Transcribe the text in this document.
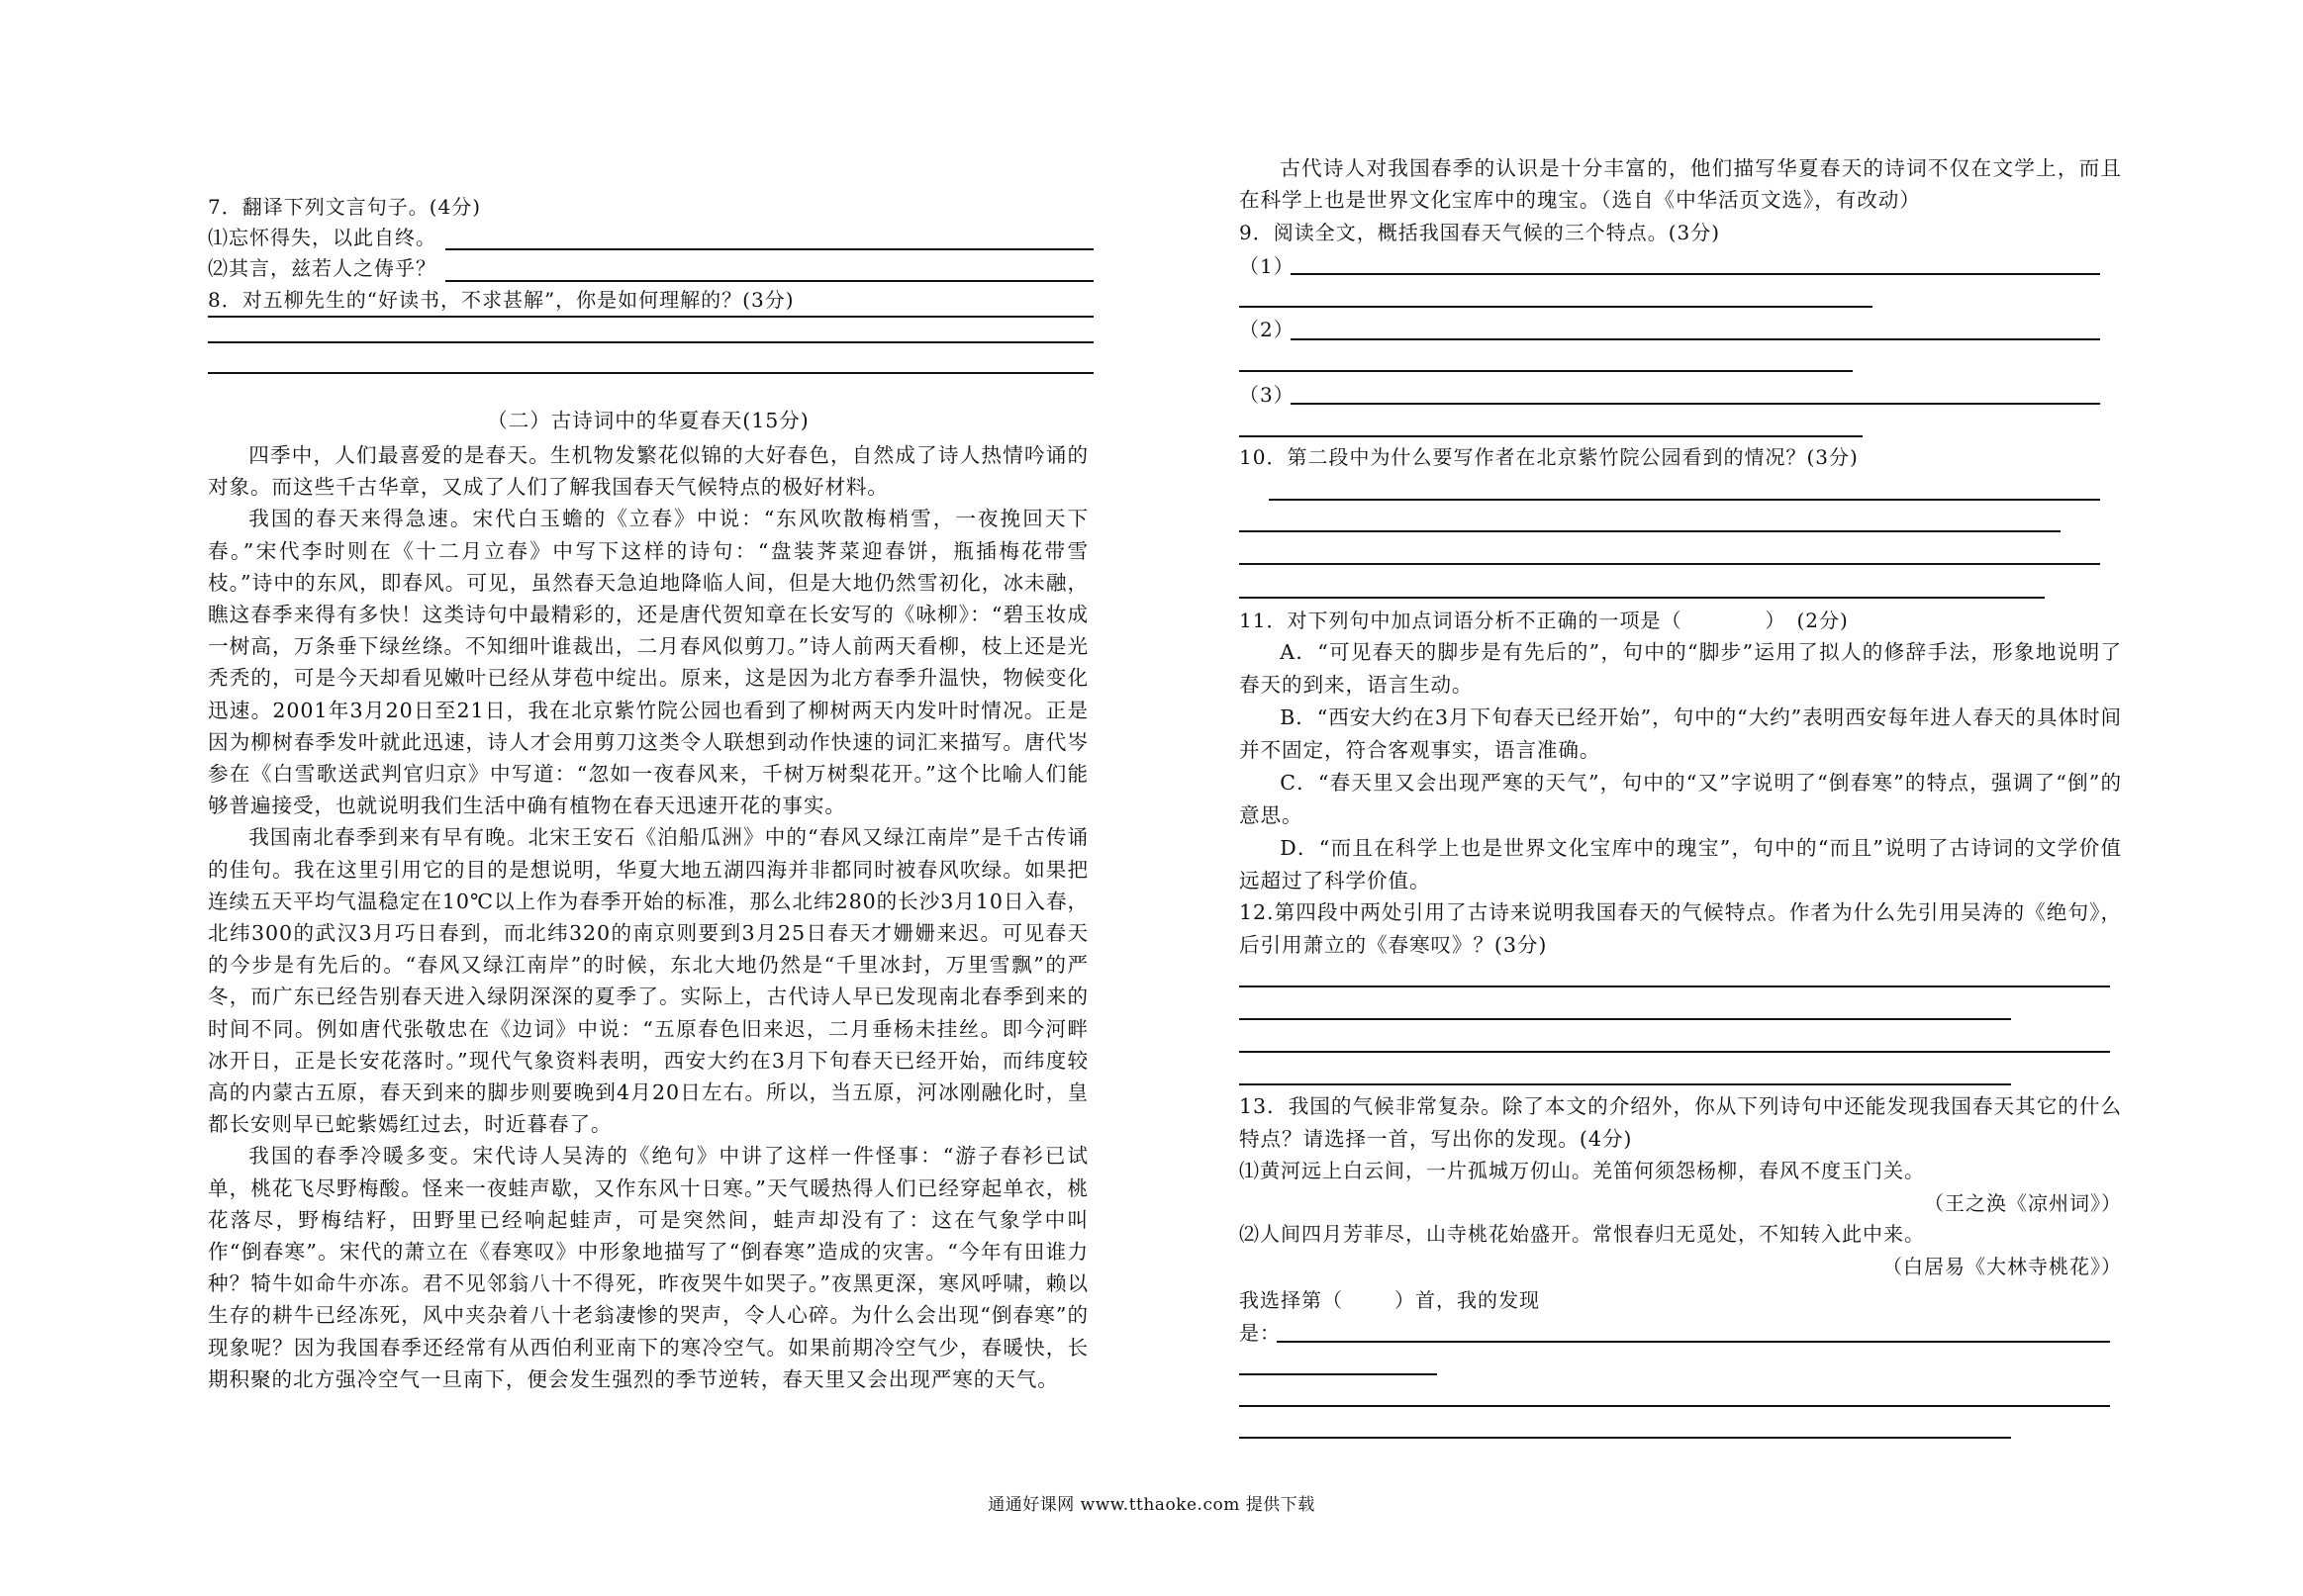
7．翻译下列文言句子。(4分)
⑴忘怀得失，以此自终。
⑵其言，兹若人之俦乎？
8．对五柳先生的“好读书，不求甚解”，你是如何理解的？(3分)
（二）古诗词中的华夏春天(15分)

四季中，人们最喜爱的是春天。生机物发繁花似锦的大好春色，自然成了诗人热情吟诵的对象。而这些千古华章，又成了人们了解我国春天气候特点的极好材料。

我国的春天来得急速。宋代白玉蟾的《立春》中说：“东风吹散梅梢雪，一夜挽回天下春。”宋代李时则在《十二月立春》中写下这样的诗句：“盘装荠菜迎春饼，瓶插梅花带雪枝。”诗中的东风，即春风。可见，虽然春天急迫地降临人间，但是大地仍然雪初化，冰未融，瞧这春季来得有多快！这类诗句中最精彩的，还是唐代贺知章在长安写的《咏柳》：“碧玉妆成一树高，万条垂下绿丝绦。不知细叶谁裁出，二月春风似剪刀。”诗人前两天看柳，枝上还是光秃秃的，可是今天却看见嫩叶已经从芽苞中绽出。原来，这是因为北方春季升温快，物候变化迅速。2001年3月20日至21日，我在北京紫竹院公园也看到了柳树两天内发叶时情况。正是因为柳树春季发叶就此迅速，诗人才会用剪刀这类令人联想到动作快速的词汇来描写。唐代岑参在《白雪歌送武判官归京》中写道：“忽如一夜春风来，千树万树梨花开。”这个比喻人们能够普遍接受，也就说明我们生活中确有植物在春天迅速开花的事实。

我国南北春季到来有早有晚。北宋王安石《泊船瓜洲》中的“春风又绿江南岸”是千古传诵的佳句。我在这里引用它的目的是想说明，华夏大地五湖四海并非都同时被春风吹绿。如果把连续五天平均气温稳定在10℃以上作为春季开始的标准，那么北纬280的长沙3月10日入春，北纬300的武汉3月巧日春到，而北纬320的南京则要到3月25日春天才姗姗来迟。可见春天的今步是有先后的。“春风又绿江南岸”的时候，东北大地仍然是“千里冰封，万里雪飘”的严冬，而广东已经告别春天进入绿阴深深的夏季了。实际上，古代诗人早已发现南北春季到来的时间不同。例如唐代张敬忠在《边词》中说：“五原春色旧来迟，二月垂杨未挂丝。即今河畔冰开日，正是长安花落时。”现代气象资料表明，西安大约在3月下旬春天已经开始，而纬度较高的内蒙古五原，春天到来的脚步则要晚到4月20日左右。所以，当五原，河冰刚融化时，皇都长安则早已蛇紫嫣红过去，时近暮春了。

我国的春季冷暖多变。宋代诗人吴涛的《绝句》中讲了这样一件怪事：“游子春衫已试单，桃花飞尽野梅酸。怪来一夜蛙声歇，又作东风十日寒。”天气暖热得人们已经穿起单衣，桃花落尽，野梅结籽，田野里已经响起蛙声，可是突然间，蛙声却没有了：这在气象学中叫作“倒春寒”。宋代的萧立在《春寒叹》中形象地描写了“倒春寒”造成的灾害。“今年有田谁力种？犄牛如命牛亦冻。君不见邻翁八十不得死，昨夜哭牛如哭子。”夜黑更深，寒风呼啸，赖以生存的耕牛已经冻死，风中夹杂着八十老翁凄惨的哭声，令人心碎。为什么会出现“倒春寒”的现象呢？因为我国春季还经常有从西伯利亚南下的寒冷空气。如果前期冷空气少，春暖快，长期积聚的北方强冷空气一旦南下，便会发生强烈的季节逆转，春天里又会出现严寒的天气。

古代诗人对我国春季的认识是十分丰富的，他们描写华夏春天的诗词不仅在文学上，而且在科学上也是世界文化宝库中的瑰宝。（选自《中华活页文选》，有改动）

9．阅读全文，概括我国春天气候的三个特点。(3分)
（1）
（2）
（3）
10．第二段中为什么要写作者在北京紫竹院公园看到的情况？(3分)
11．对下列句中加点词语分析不正确的一项是（　　　　）　(2分)

A．“可见春天的脚步是有先后的”，句中的“脚步”运用了拟人的修辞手法，形象地说明了春天的到来，语言生动。

B．“西安大约在3月下旬春天已经开始”，句中的“大约”表明西安每年进人春天的具体时间并不固定，符合客观事实，语言准确。

C．“春天里又会出现严寒的天气”，句中的“又”字说明了“倒春寒”的特点，强调了“倒”的意思。

D．“而且在科学上也是世界文化宝库中的瑰宝”，句中的“而且”说明了古诗词的文学价值远超过了科学价值。

12.第四段中两处引用了古诗来说明我国春天的气候特点。作者为什么先引用吴涛的《绝句》，后引用萧立的《春寒叹》？(3分)

13．我国的气候非常复杂。除了本文的介绍外，你从下列诗句中还能发现我国春天其它的什么特点？请选择一首，写出你的发现。(4分)

⑴黄河远上白云间，一片孤城万仞山。羌笛何须怨杨柳，春风不度玉门关。
（王之涣《凉州词》）
⑵人间四月芳菲尽，山寺桃花始盛开。常恨春归无觅处，不知转入此中来。
（白居易《大林寺桃花》）
我选择第（	）首，我的发现
是：
通通好课网 www.tthaoke.com 提供下载
